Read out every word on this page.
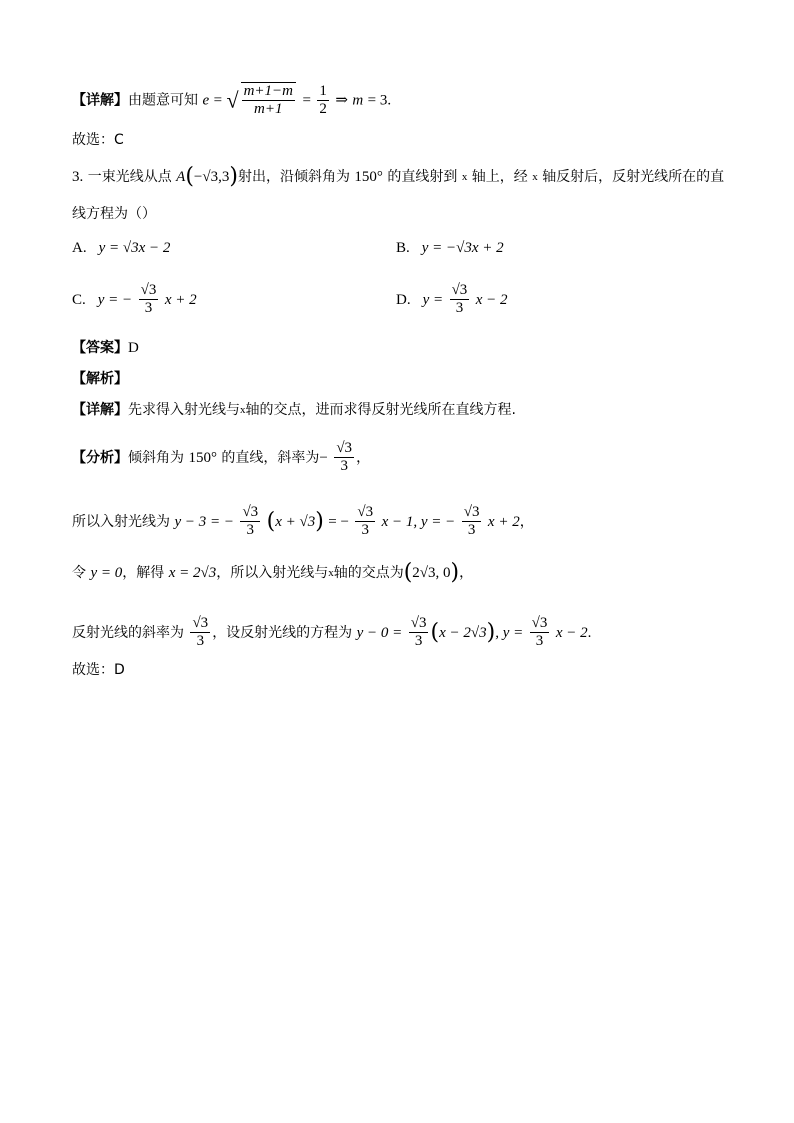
【详解】由题意可知 e = √ $\frac{m+1-m}{m+1} = \frac{1}{2}$ ⇒ m = 3.
故选：C
3. 一束光线从点 A(−√3,3)射出，沿倾斜角为 150° 的直线射到 x 轴上，经 x 轴反射后，反射光线所在的直
线方程为（）
A. y = √3x − 2	B. y = −√3x + 2
C. y = − $\frac{√3}{3}$ x + 2	D. $y = \frac{√3}{3}$ x − 2
【答案】D
【解析】
【详解】先求得入射光线与x轴的交点，进而求得反射光线所在直线方程.
【分析】倾斜角为 150° 的直线，斜率为− $\frac{√3}{3}$ ，
所以入射光线为 y − 3 = − $\frac{√3}{3} (x + √3)$ = − $\frac{√3}{3}$ x − 1, y = − $\frac{√3}{3}$ x + 2，
令 y = 0，解得 x = 2√3，所以入射光线与x轴的交点为(2√3, 0)，
反射光线的斜率为 $\frac{√3}{3}$ ，设反射光线的方程为 $y - 0 = \frac{√3}{3} (x - 2√3)$, $y = \frac{√3}{3}$ x − 2.
故选：D
